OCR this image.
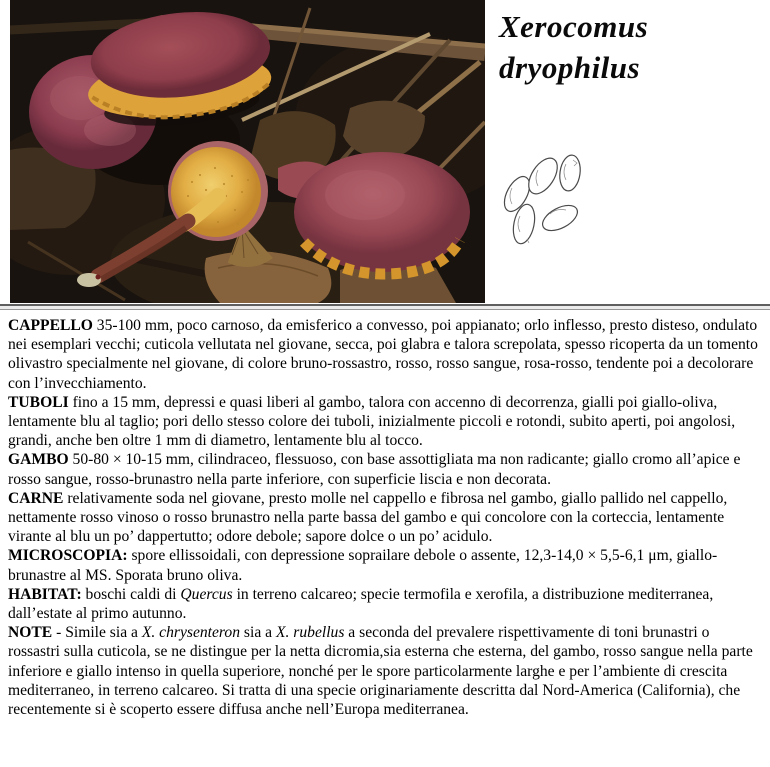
Xerocomus
dryophilus

CAPPELLO 35-100 mm, poco carnoso, da emisferico a convesso, poi appianato; orlo inflesso, presto disteso, ondulato nei esemplari vecchi; cuticola vellutata nel giovane, secca, poi glabra e talora screpolata, spesso ricoperta da un tomento olivastro specialmente nel giovane, di colore bruno-rossastro, rosso, rosso sangue, rosa-rosso, tendente poi a decolorare con l’invecchiamento.

TUBOLI fino a 15 mm, depressi e quasi liberi al gambo, talora con accenno di decorrenza, gialli poi giallo-oliva, lentamente blu al taglio; pori dello stesso colore dei tuboli, inizialmente piccoli e rotondi, subito aperti, poi angolosi, grandi, anche ben oltre 1 mm di diametro, lentamente blu al tocco.

GAMBO 50-80 × 10-15 mm, cilindraceo, flessuoso, con base assottigliata ma non radicante; giallo cromo all’apice e rosso sangue, rosso-brunastro nella parte inferiore, con superficie liscia e non decorata.

CARNE relativamente soda nel giovane, presto molle nel cappello e fibrosa nel gambo, giallo pallido nel cappello, nettamente rosso vinoso o rosso brunastro nella parte bassa del gambo e qui concolore con la corteccia, lentamente virante al blu un po’ dappertutto; odore debole; sapore dolce o un po’ acidulo.

MICROSCOPIA: spore ellissoidali, con depressione soprailare debole o assente, 12,3-14,0 × 5,5-6,1 μm, giallo-brunastre al MS. Sporata bruno oliva.

HABITAT: boschi caldi di Quercus in terreno calcareo; specie termofila e xerofila, a distribuzione mediterranea, dall’estate al primo autunno.

NOTE - Simile sia a X. chrysenteron sia a X. rubellus a seconda del prevalere rispettivamente di toni brunastri o rossastri sulla cuticola, se ne distingue per la netta dicromia,sia esterna che esterna, del gambo, rosso sangue nella parte inferiore e giallo intenso in quella superiore, nonché per le spore particolarmente larghe e per l’ambiente di crescita mediterraneo, in terreno calcareo. Si tratta di una specie originariamente descritta dal Nord-America (California), che recentemente si è scoperto essere diffusa anche nell’Europa mediterranea.
